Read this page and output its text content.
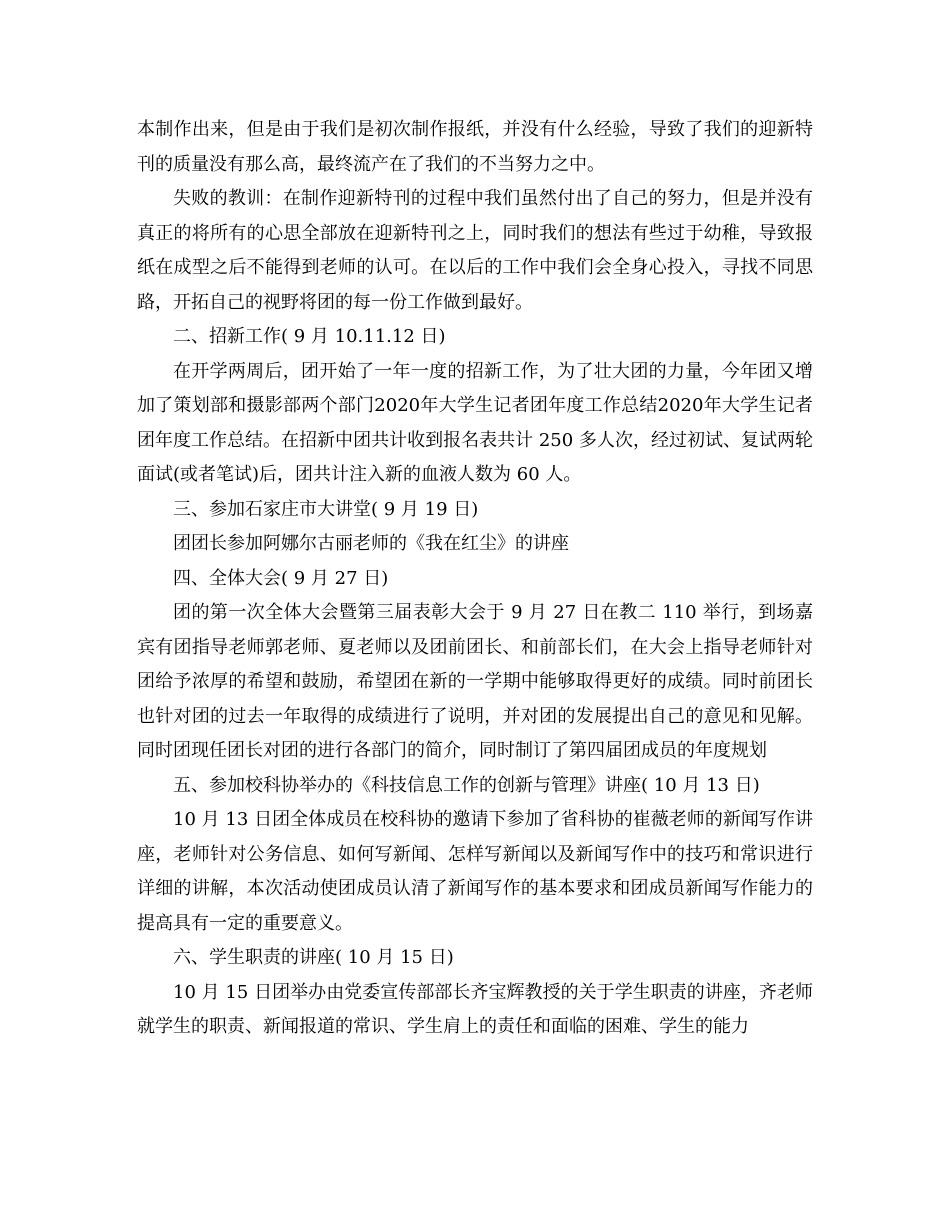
本制作出来，但是由于我们是初次制作报纸，并没有什么经验，导致了我们的迎新特刊的质量没有那么高，最终流产在了我们的不当努力之中。

失败的教训：在制作迎新特刊的过程中我们虽然付出了自己的努力，但是并没有真正的将所有的心思全部放在迎新特刊之上，同时我们的想法有些过于幼稚，导致报纸在成型之后不能得到老师的认可。在以后的工作中我们会全身心投入，寻找不同思路，开拓自己的视野将团的每一份工作做到最好。

二、招新工作( 9 月 10.11.12 日)

在开学两周后，团开始了一年一度的招新工作，为了壮大团的力量，今年团又增加了策划部和摄影部两个部门2020年大学生记者团年度工作总结2020年大学生记者团年度工作总结。在招新中团共计收到报名表共计 250 多人次，经过初试、复试两轮面试(或者笔试)后，团共计注入新的血液人数为 60 人。

三、参加石家庄市大讲堂( 9 月 19 日)

团团长参加阿娜尔古丽老师的《我在红尘》的讲座

四、全体大会( 9 月 27 日)

团的第一次全体大会暨第三届表彰大会于 9 月 27 日在教二 110 举行，到场嘉宾有团指导老师郭老师、夏老师以及团前团长、和前部长们，在大会上指导老师针对团给予浓厚的希望和鼓励，希望团在新的一学期中能够取得更好的成绩。同时前团长也针对团的过去一年取得的成绩进行了说明，并对团的发展提出自己的意见和见解。同时团现任团长对团的进行各部门的简介，同时制订了第四届团成员的年度规划

五、参加校科协举办的《科技信息工作的创新与管理》讲座( 10 月 13 日)

10 月 13 日团全体成员在校科协的邀请下参加了省科协的崔薇老师的新闻写作讲座，老师针对公务信息、如何写新闻、怎样写新闻以及新闻写作中的技巧和常识进行详细的讲解，本次活动使团成员认清了新闻写作的基本要求和团成员新闻写作能力的提高具有一定的重要意义。

六、学生职责的讲座( 10 月 15 日)

10 月 15 日团举办由党委宣传部部长齐宝辉教授的关于学生职责的讲座，齐老师就学生的职责、新闻报道的常识、学生肩上的责任和面临的困难、学生的能力
